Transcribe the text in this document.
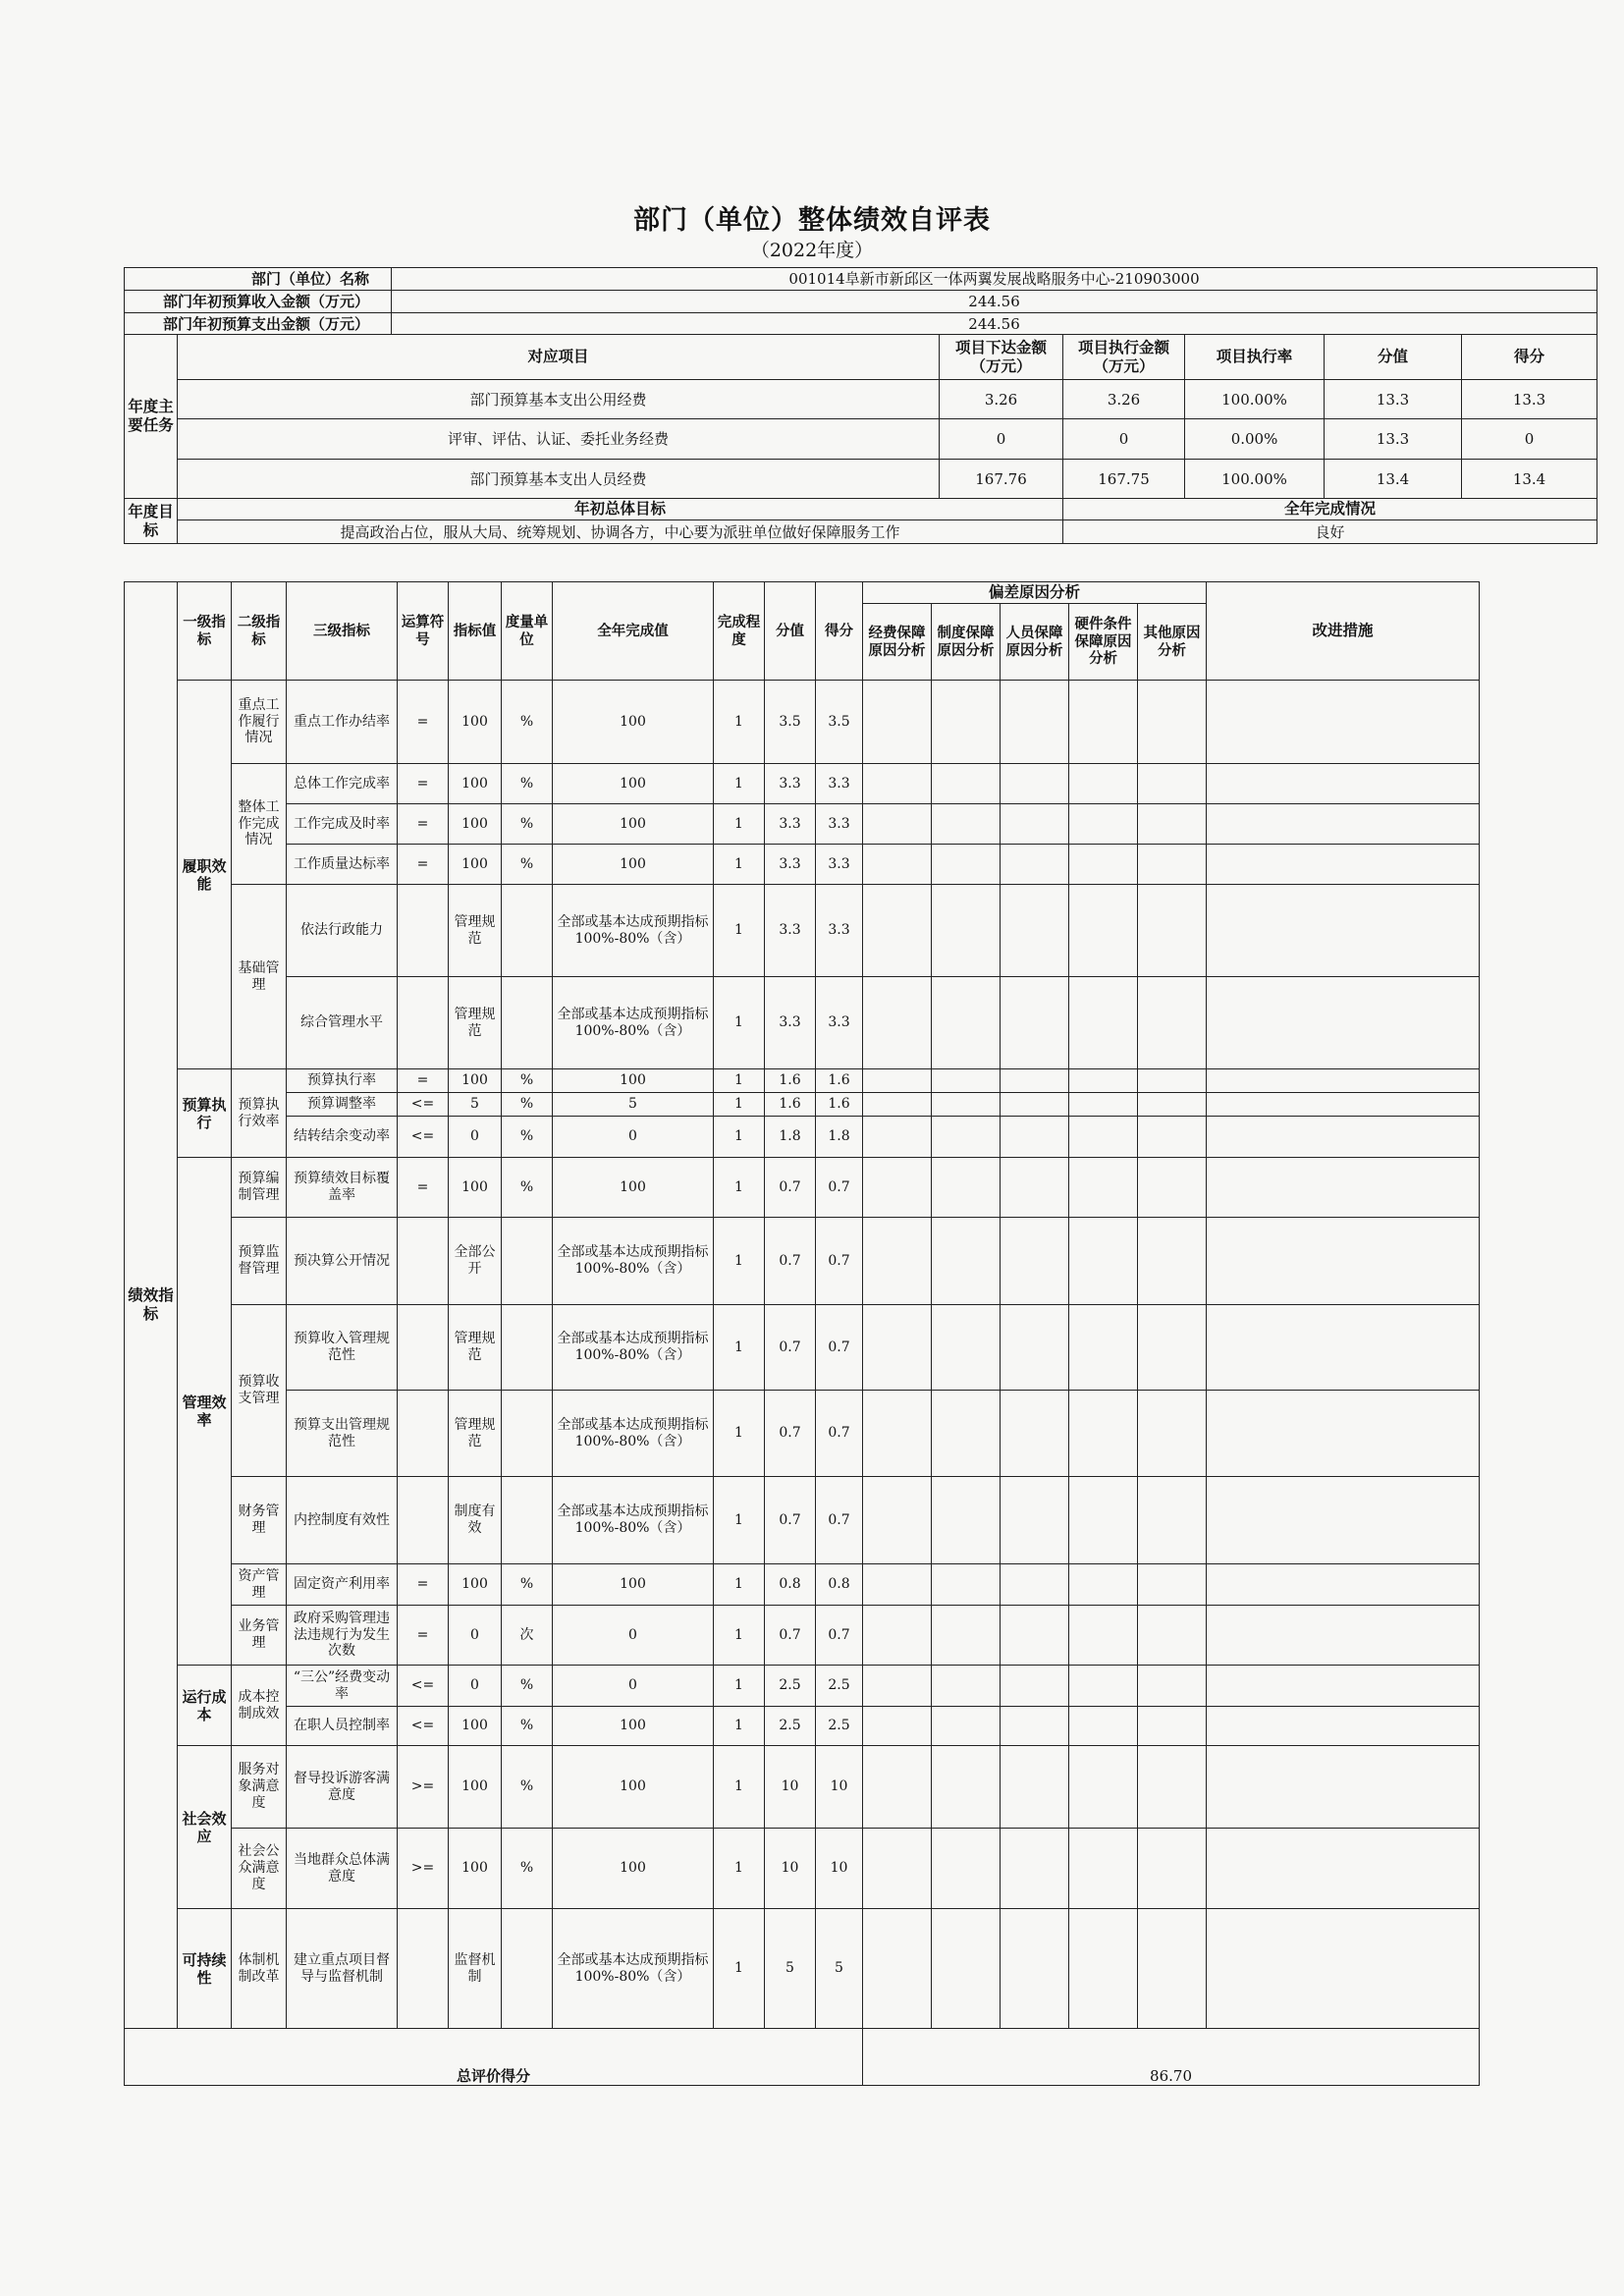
部门（单位）整体绩效自评表
（2022年度）
部门（单位）名称		001014阜新市新邱区一体两翼发展战略服务中心-210903000					
部门年初预算收入金额（万元）		244.56					
部门年初预算支出金额（万元）		244.56					
年度主要任务	对应项目		项目下达金额（万元）	项目执行金额（万元）	项目执行率	分值	得分
	部门预算基本支出公用经费		3.26	3.26	100.00%	13.3	13.3
	评审、评估、认证、委托业务经费		0	0	0.00%	13.3	0
	部门预算基本支出人员经费		167.76	167.75	100.00%	13.4	13.4
年度目标	年初总体目标			全年完成情况			
	提高政治占位，服从大局、统筹规划、协调各方，中心要为派驻单位做好保障服务工作			良好			
绩效指标	一级指标	二级指标	三级指标	运算符号	指标值	度量单位	全年完成值	完成程度	分值	得分	偏差原因分析					改进措施
											经费保障原因分析	制度保障原因分析	人员保障原因分析	硬件条件保障原因分析	其他原因分析	
	履职效能	重点工作履行情况	重点工作办结率	=	100	%	100	1	3.5	3.5						
		整体工作完成情况	总体工作完成率	=	100	%	100	1	3.3	3.3						
			工作完成及时率	=	100	%	100	1	3.3	3.3						
			工作质量达标率	=	100	%	100	1	3.3	3.3						
		基础管理	依法行政能力		管理规范		全部或基本达成预期指标100%-80%（含）	1	3.3	3.3						
			综合管理水平		管理规范		全部或基本达成预期指标100%-80%（含）	1	3.3	3.3						
	预算执行	预算执行效率	预算执行率	=	100	%	100	1	1.6	1.6						
			预算调整率	<=	5	%	5	1	1.6	1.6						
			结转结余变动率	<=	0	%	0	1	1.8	1.8						
	管理效率	预算编制管理	预算绩效目标覆盖率	=	100	%	100	1	0.7	0.7						
		预算监督管理	预决算公开情况		全部公开		全部或基本达成预期指标100%-80%（含）	1	0.7	0.7						
		预算收支管理	预算收入管理规范性		管理规范		全部或基本达成预期指标100%-80%（含）	1	0.7	0.7						
			预算支出管理规范性		管理规范		全部或基本达成预期指标100%-80%（含）	1	0.7	0.7						
		财务管理	内控制度有效性		制度有效		全部或基本达成预期指标100%-80%（含）	1	0.7	0.7						
		资产管理	固定资产利用率	=	100	%	100	1	0.8	0.8						
		业务管理	政府采购管理违法违规行为发生次数	=	0	次	0	1	0.7	0.7						
	运行成本	成本控制成效	“三公”经费变动率	<=	0	%	0	1	2.5	2.5						
			在职人员控制率	<=	100	%	100	1	2.5	2.5						
	社会效应	服务对象满意度	督导投诉游客满意度	>=	100	%	100	1	10	10						
		社会公众满意度	当地群众总体满意度	>=	100	%	100	1	10	10						
	可持续性	体制机制改革	建立重点项目督导与监督机制		监督机制		全部或基本达成预期指标100%-80%（含）	1	5	5						
总评价得分											86.70					
